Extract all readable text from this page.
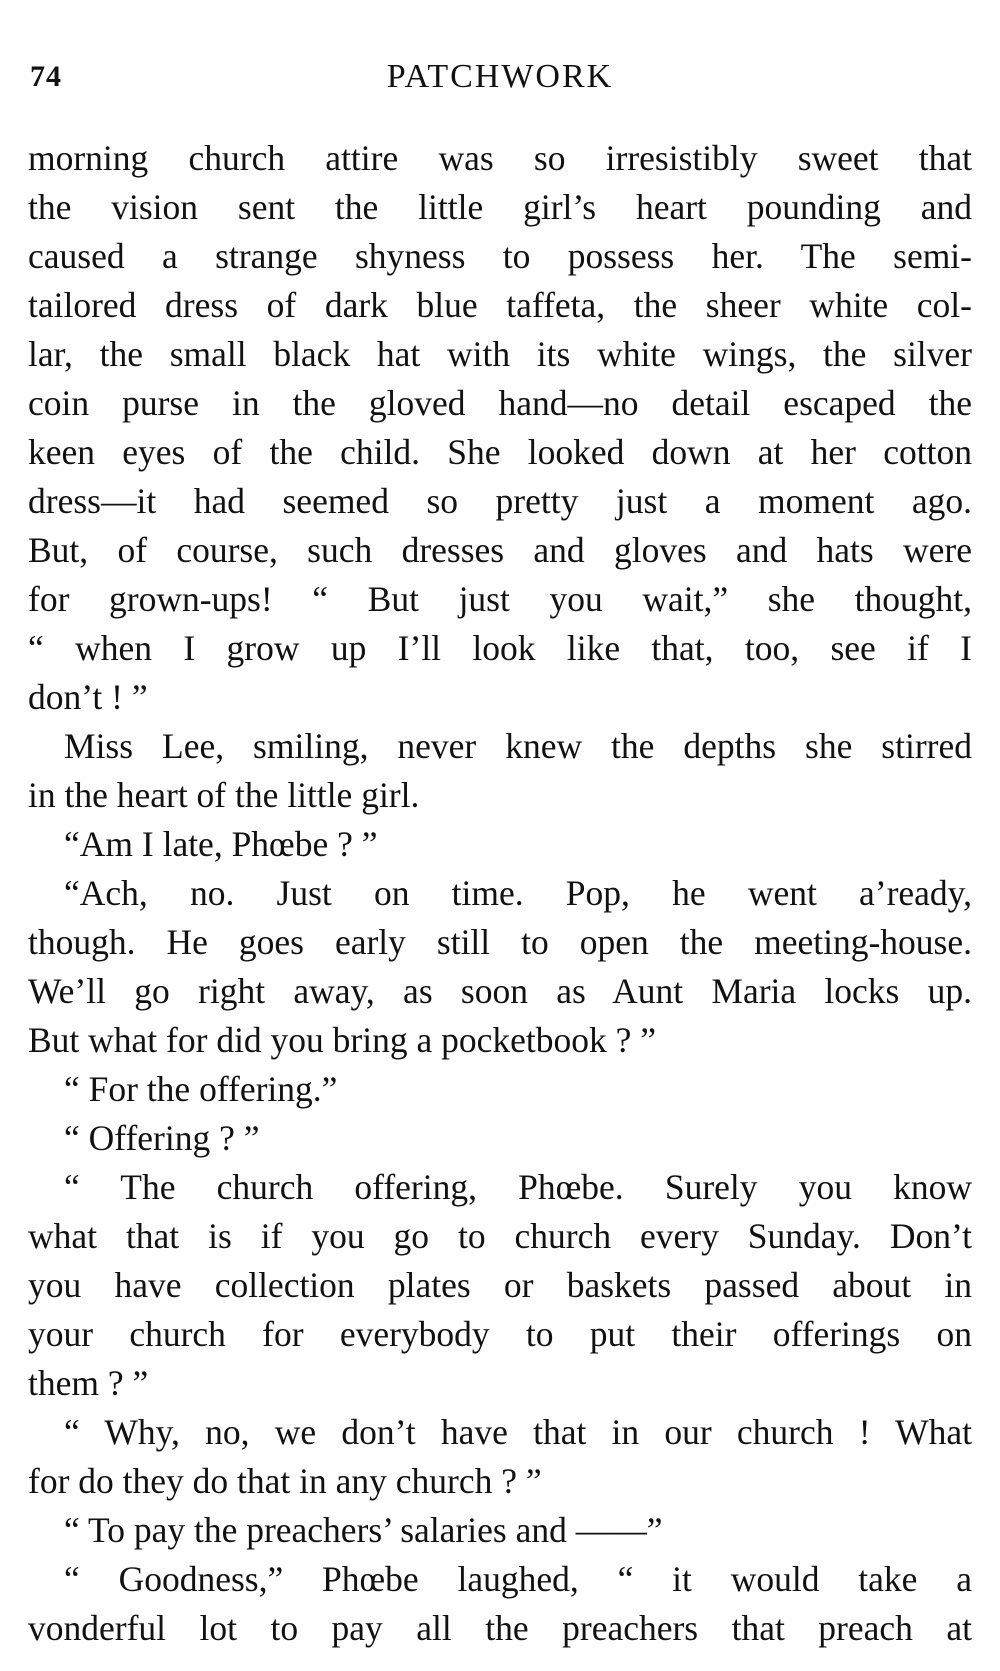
74	PATCHWORK
morning church attire was so irresistibly sweet that
the vision sent the little girl’s heart pounding and
caused a strange shyness to possess her. The semi-
tailored dress of dark blue taffeta, the sheer white col-
lar, the small black hat with its white wings, the silver
coin purse in the gloved hand—no detail escaped the
keen eyes of the child. She looked down at her cotton
dress—it had seemed so pretty just a moment ago.
But, of course, such dresses and gloves and hats were
for grown-ups! “ But just you wait,” she thought,
“ when I grow up I’ll look like that, too, see if I
don’t ! ”
Miss Lee, smiling, never knew the depths she stirred
in the heart of the little girl.
“Am I late, Phœbe ? ”
“Ach, no. Just on time. Pop, he went a’ready,
though. He goes early still to open the meeting-house.
We’ll go right away, as soon as Aunt Maria locks up.
But what for did you bring a pocketbook ? ”
“ For the offering.”
“ Offering ? ”
“ The church offering, Phœbe. Surely you know
what that is if you go to church every Sunday. Don’t
you have collection plates or baskets passed about in
your church for everybody to put their offerings on
them ? ”
“ Why, no, we don’t have that in our church ! What
for do they do that in any church ? ”
“ To pay the preachers’ salaries and ——”
“ Goodness,” Phœbe laughed, “ it would take a
vonderful lot to pay all the preachers that preach at
